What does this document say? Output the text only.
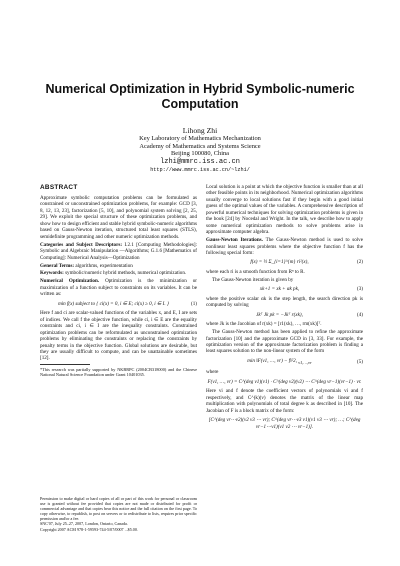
Numerical Optimization in Hybrid Symbolic-numeric Computation
Lihong Zhi
Key Laboratory of Mathematics Mechanization
Academy of Mathematics and Systems Science
Beijing 100080, China
lzhi@mmrc.iss.ac.cn
http://www.mmrc.iss.ac.cn/~lzhi/
ABSTRACT

Approximate symbolic computation problems can be formulated as constrained or unconstrained optimization problems, for example: GCD [3, 8, 12, 13, 23], factorization [5, 10], and polynomial system solving [2, 25, 29]. We exploit the special structure of these optimization problems, and show how to design efficient and stable hybrid symbolic-numeric algorithms based on Gauss-Newton iteration, structured total least squares (STLS), semidefinite programming and other numeric optimization methods.

Categories and Subject Descriptors: I.2.1 [Computing Methodologies]: Symbolic and Algebraic Manipulation —Algorithms; G.1.6 [Mathematics of Computing]: Numerical Analysis—Optimization

General Terms: algorithms, experimentation

Keywords: symbolic/numeric hybrid methods, numerical optimization.

Numerical Optimization. Optimization is the minimization or maximization of a function subject to constraints on its variables. It can be written as:

min f(x) subject to { ci(x) = 0, i ∈ E; ci(x) ≥ 0, i ∈ I. }	(1)

Here f and ci are scalar-valued functions of the variables x, and E, I are sets of indices. We call f the objective function, while ci, i ∈ E are the equality constraints and ci, i ∈ I are the inequality constraints. Constrained optimization problems can be reformulated as unconstrained optimization problems by eliminating the constraints or replacing the constraints by penalty terms in the objective function. Global solutions are desirable, but they are usually difficult to compute, and can be unattainable sometimes [12].

*This research was partially supported by NKBRPC (2004CB318000) and the Chinese National Natural Science Foundation under Grant 10401035.
Permission to make digital or hard copies of all or part of this work for personal or classroom use is granted without fee provided that copies are not made or distributed for profit or commercial advantage and that copies bear this notice and the full citation on the first page. To copy otherwise, to republish, to post on servers or to redistribute to lists, requires prior specific permission and/or a fee.
SNC'07, July 25–27, 2007, London, Ontario, Canada.
Copyright 2007 ACM 978-1-59593-744-5/07/0007 ...$5.00.

Local solution is a point at which the objective function is smaller than at all other feasible points in its neighborhood. Numerical optimization algorithms usually converge to local solutions fast if they begin with a good initial guess of the optimal values of the variables. A comprehensive description of powerful numerical techniques for solving optimization problems is given in the book [24] by Nocedal and Wright. In the talk, we describe how to apply some numerical optimization methods to solve problems arise in approximate computer algebra.

Gauss-Newton Iterations. The Gauss-Newton method is used to solve nonlinear least squares problems where the objective function f has the following special form:

f(x) = ½ Σ_{i=1}^{m} ri²(x),	(2)

where each ri is a smooth function from Rⁿ to R.

The Gauss-Newton iteration is given by

xk+1 = xk + αk pk,	(3)

where the positive scalar αk is the step length, the search direction pk is computed by solving

Jkᵀ Jk pk = −Jkᵀ r(xk),	(4)

where Jk is the Jacobian of r(xk) = [r1(xk), …, rm(xk)]ᵀ.

The Gauss-Newton method has been applied to refine the approximate factorization [10] and the approximate GCD in [3, 33]. For example, the optimization version of the approximate factorization problem is finding a least squares solution to the non-linear system of the form

min ‖F(v1, …, vr) − f‖²2, $_{v1,\dots,vr}$	(5)

where

F(v1, …, vr) = C^(deg v1)(v1) · C^(deg v2)(v2) ⋯ C^(deg vr−1)(vr−1) · vr.

Here vi and f denote the coefficient vectors of polynomials vi and f respectively, and C^(k)(v) denotes the matrix of the linear map multiplication with polynomials of total degree k as described in [10]. The Jacobian of F is a block matrix of the form:

[C^(deg vr⋯v2)(v2 v3 ⋯ vr); C^(deg vr⋯v3 v1)(v1 v3 ⋯ vr); …; C^(deg vr−1⋯v1)(v1 v2 ⋯ vr−1)].
